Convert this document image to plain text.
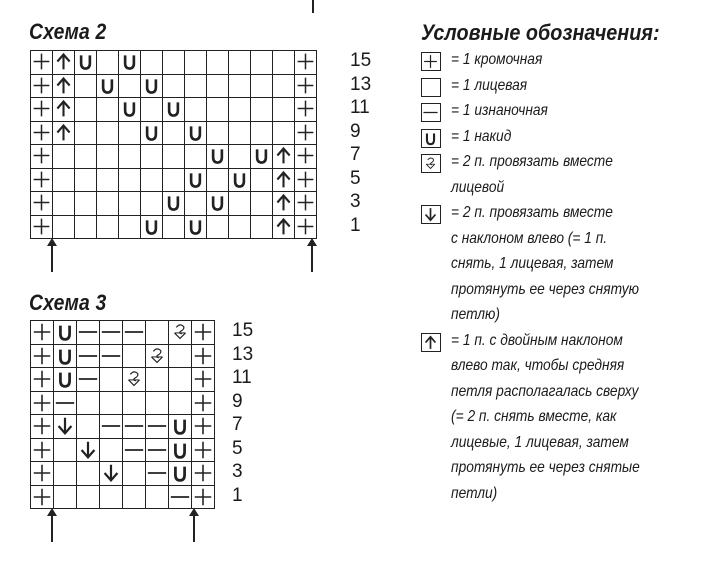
Схема 2
15
13
11
9
7
5
3
1
Схема 3
15
13
11
9
7
5
3
1
Условные обозначения:
= 1 кромочная
= 1 лицевая
= 1 изнаночная
= 1 накид
= 2 п. провязать вместе
лицевой
= 2 п. провязать вместе
с наклоном влево (= 1 п.
снять, 1 лицевая, затем
протянуть ее через снятую
петлю)
= 1 п. с двойным наклоном
влево так, чтобы средняя
петля располагалась сверху
(= 2 п. снять вместе, как
лицевые, 1 лицевая, затем
протянуть ее через снятые
петли)
